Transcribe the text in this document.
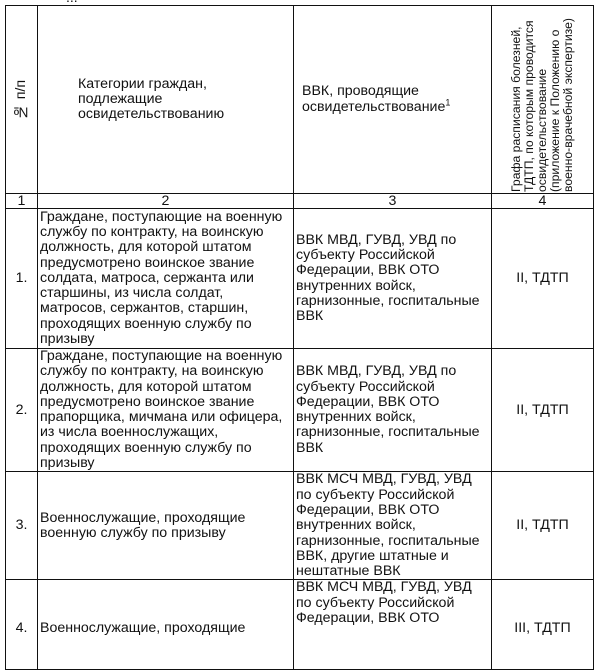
№ п/п	Категории граждан, подлежащие освидетельствованию	ВВК, проводящие освидетельствование$^1$	Графа расписания болезней, ТДТП, по которым проводится освидетельствование (приложение к Положению о военно-врачебной экспертизе)

1	2	3	4
1.	Граждане, поступающие на военную службу по контракту, на воинскую должность, для которой штатом предусмотрено воинское звание солдата, матроса, сержанта или старшины, из числа солдат, матросов, сержантов, старшин, проходящих военную службу по призыву	ВВК МВД, ГУВД, УВД по субъекту Российской Федерации, ВВК ОТО внутренних войск, гарнизонные, госпитальные ВВК	II, ТДТП
2.	Граждане, поступающие на военную службу по контракту, на воинскую должность, для которой штатом предусмотрено воинское звание прапорщика, мичмана или офицера, из числа военнослужащих, проходящих военную службу по призыву	ВВК МВД, ГУВД, УВД по субъекту Российской Федерации, ВВК ОТО внутренних войск, гарнизонные, госпитальные ВВК	II, ТДТП
3.	Военнослужащие, проходящие военную службу по призыву	ВВК МСЧ МВД, ГУВД, УВД по субъекту Российской Федерации, ВВК ОТО внутренних войск, гарнизонные, госпитальные ВВК, другие штатные и нештатные ВВК	II, ТДТП
4.	Военнослужащие, проходящие	ВВК МСЧ МВД, ГУВД, УВД по субъекту Российской Федерации, ВВК ОТО	III, ТДТП
